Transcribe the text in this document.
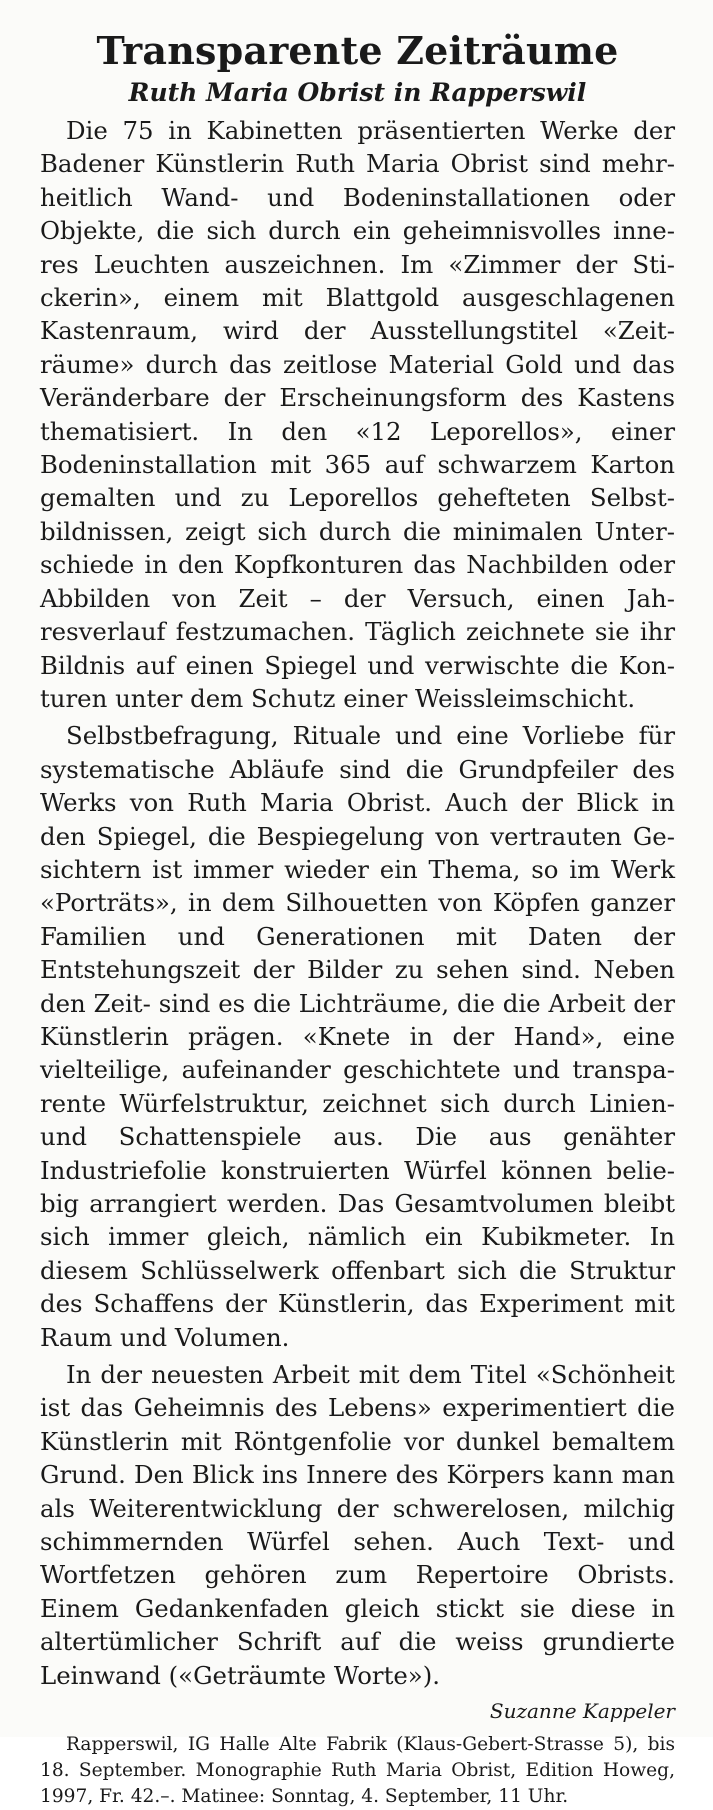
Transparente Zeiträume
Ruth Maria Obrist in Rapperswil

Die 75 in Kabinetten präsentierten Werke der Badener Künstlerin Ruth Maria Obrist sind mehrheitlich Wand- und Bodeninstallationen oder Objekte, die sich durch ein geheimnisvolles inneres Leuchten auszeichnen. Im «Zimmer der Stickerin», einem mit Blattgold ausgeschlagenen Kastenraum, wird der Ausstellungstitel «Zeiträume» durch das zeitlose Material Gold und das Veränderbare der Erscheinungsform des Kastens thematisiert. In den «12 Leporellos», einer Bodeninstallation mit 365 auf schwarzem Karton gemalten und zu Leporellos gehefteten Selbstbildnissen, zeigt sich durch die minimalen Unterschiede in den Kopfkonturen das Nachbilden oder Abbilden von Zeit – der Versuch, einen Jahresverlauf festzumachen. Täglich zeichnete sie ihr Bildnis auf einen Spiegel und verwischte die Konturen unter dem Schutz einer Weissleimschicht.

Selbstbefragung, Rituale und eine Vorliebe für systematische Abläufe sind die Grundpfeiler des Werks von Ruth Maria Obrist. Auch der Blick in den Spiegel, die Bespiegelung von vertrauten Gesichtern ist immer wieder ein Thema, so im Werk «Porträts», in dem Silhouetten von Köpfen ganzer Familien und Generationen mit Daten der Entstehungszeit der Bilder zu sehen sind. Neben den Zeit- sind es die Lichträume, die die Arbeit der Künstlerin prägen. «Knete in der Hand», eine vielteilige, aufeinander geschichtete und transparente Würfelstruktur, zeichnet sich durch Linien- und Schattenspiele aus. Die aus genähter Industriefolie konstruierten Würfel können beliebig arrangiert werden. Das Gesamtvolumen bleibt sich immer gleich, nämlich ein Kubikmeter. In diesem Schlüsselwerk offenbart sich die Struktur des Schaffens der Künstlerin, das Experiment mit Raum und Volumen.

In der neuesten Arbeit mit dem Titel «Schönheit ist das Geheimnis des Lebens» experimentiert die Künstlerin mit Röntgenfolie vor dunkel bemaltem Grund. Den Blick ins Innere des Körpers kann man als Weiterentwicklung der schwerelosen, milchig schimmernden Würfel sehen. Auch Text- und Wortfetzen gehören zum Repertoire Obrists. Einem Gedankenfaden gleich stickt sie diese in altertümlicher Schrift auf die weiss grundierte Leinwand («Geträumte Worte»).

Suzanne Kappeler

Rapperswil, IG Halle Alte Fabrik (Klaus-Gebert-Strasse 5), bis 18. September. Monographie Ruth Maria Obrist, Edition Howeg, 1997, Fr. 42.–. Matinee: Sonntag, 4. September, 11 Uhr.
